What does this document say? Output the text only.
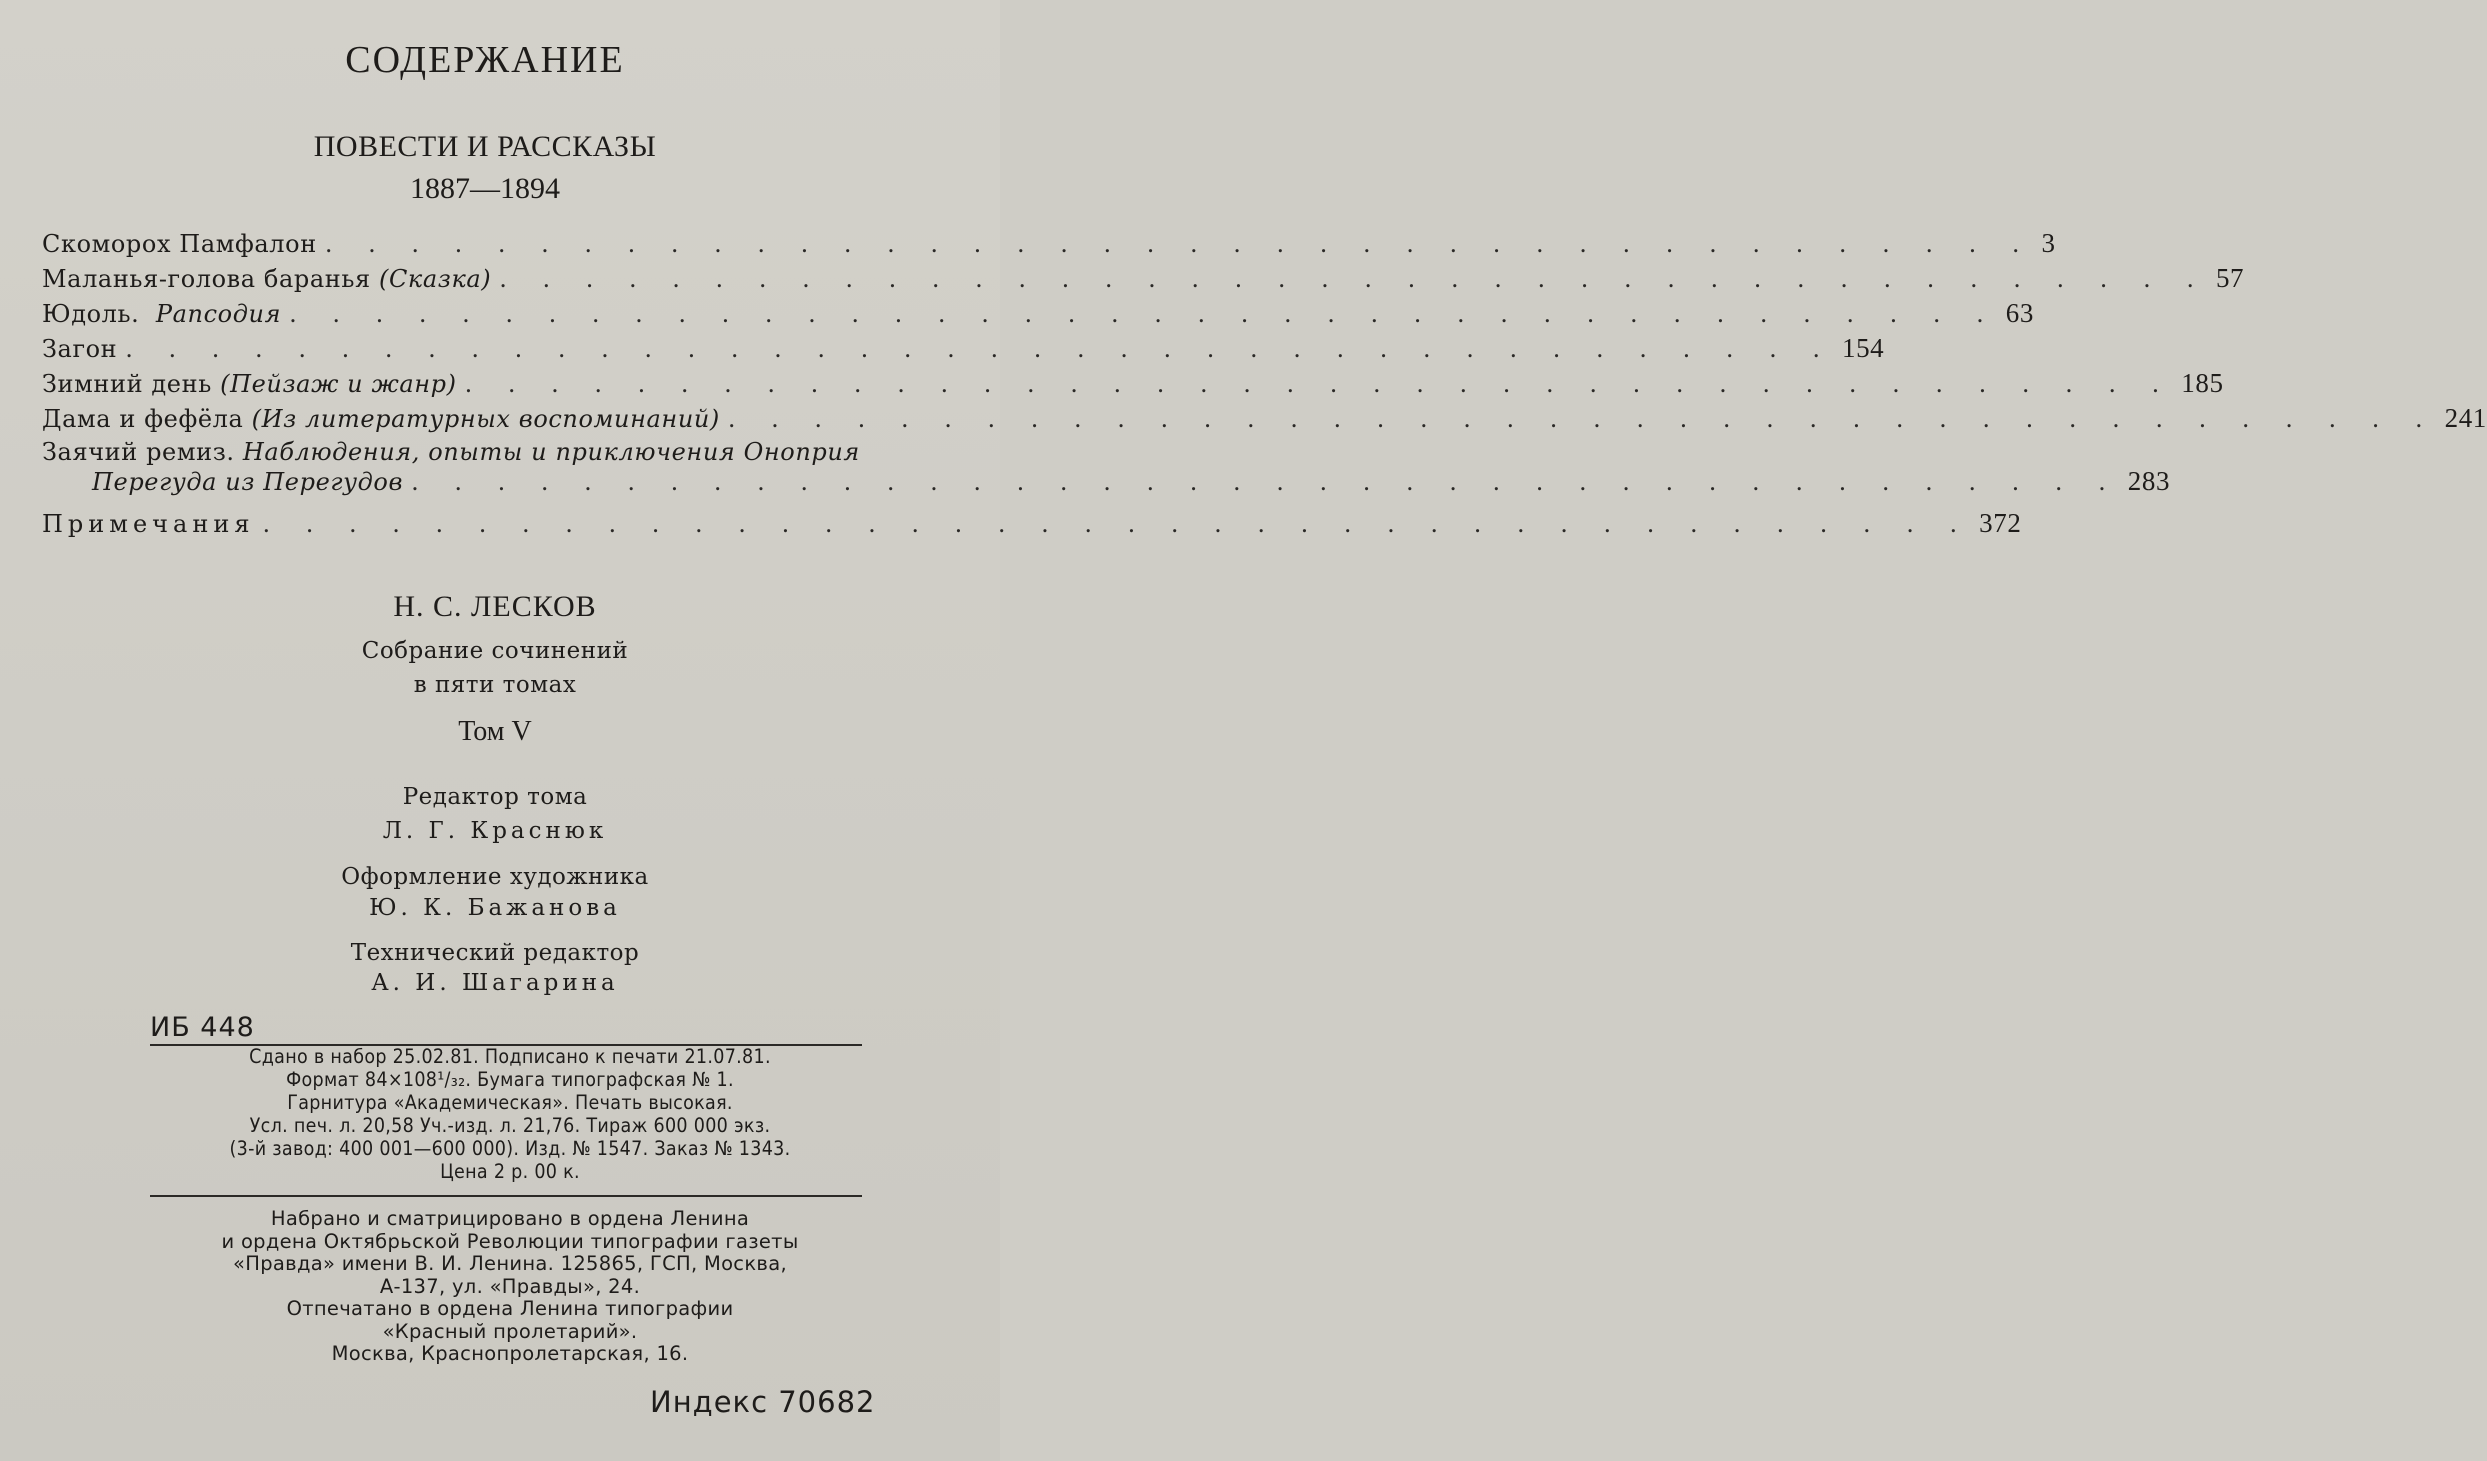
СОДЕРЖАНИЕ
ПОВЕСТИ И РАССКАЗЫ
1887—1894
Скоморох Памфалон . . . . . . . . . . . . . . . . . . . . . . . . . . . . . . . . . . . . . . . . 3
Маланья-голова баранья (Сказка) . . . . . . . . . . . . . . . . . . . . . . . . . . . . . . . . . . . . . . . . 57
Юдоль. Рапсодия . . . . . . . . . . . . . . . . . . . . . . . . . . . . . . . . . . . . . . . . 63
Загон . . . . . . . . . . . . . . . . . . . . . . . . . . . . . . . . . . . . . . . . 154
Зимний день (Пейзаж и жанр) . . . . . . . . . . . . . . . . . . . . . . . . . . . . . . . . . . . . . . . . 185
Дама и фефёла (Из литературных воспоминаний) . . . . . . . . . . . . . . . . . . . . . . . . . . . . . . . . . . . . . . . . 241
Заячий ремиз. Наблюдения, опыты и приключения Оноприя
Перегуда из Перегудов . . . . . . . . . . . . . . . . . . . . . . . . . . . . . . . . . . . . . . . . 283
Примечания . . . . . . . . . . . . . . . . . . . . . . . . . . . . . . . . . . . . . . . . 372
Н. С. ЛЕСКОВ
Собрание сочинений
в пяти томах
Том V
Редактор тома
Л. Г. Краснюк
Оформление художника
Ю. К. Бажанова
Технический редактор
А. И. Шагарина
ИБ 448
Сдано в набор 25.02.81. Подписано к печати 21.07.81.
Формат 84×108¹/₃₂. Бумага типографская № 1.
Гарнитура «Академическая». Печать высокая.
Усл. печ. л. 20,58 Уч.-изд. л. 21,76. Тираж 600 000 экз.
(3-й завод: 400 001—600 000). Изд. № 1547. Заказ № 1343.
Цена 2 р. 00 к.
Набрано и сматрицировано в ордена Ленина
и ордена Октябрьской Революции типографии газеты
«Правда» имени В. И. Ленина. 125865, ГСП, Москва,
А-137, ул. «Правды», 24.
Отпечатано в ордена Ленина типографии
«Красный пролетарий».
Москва, Краснопролетарская, 16.
Индекс 70682
